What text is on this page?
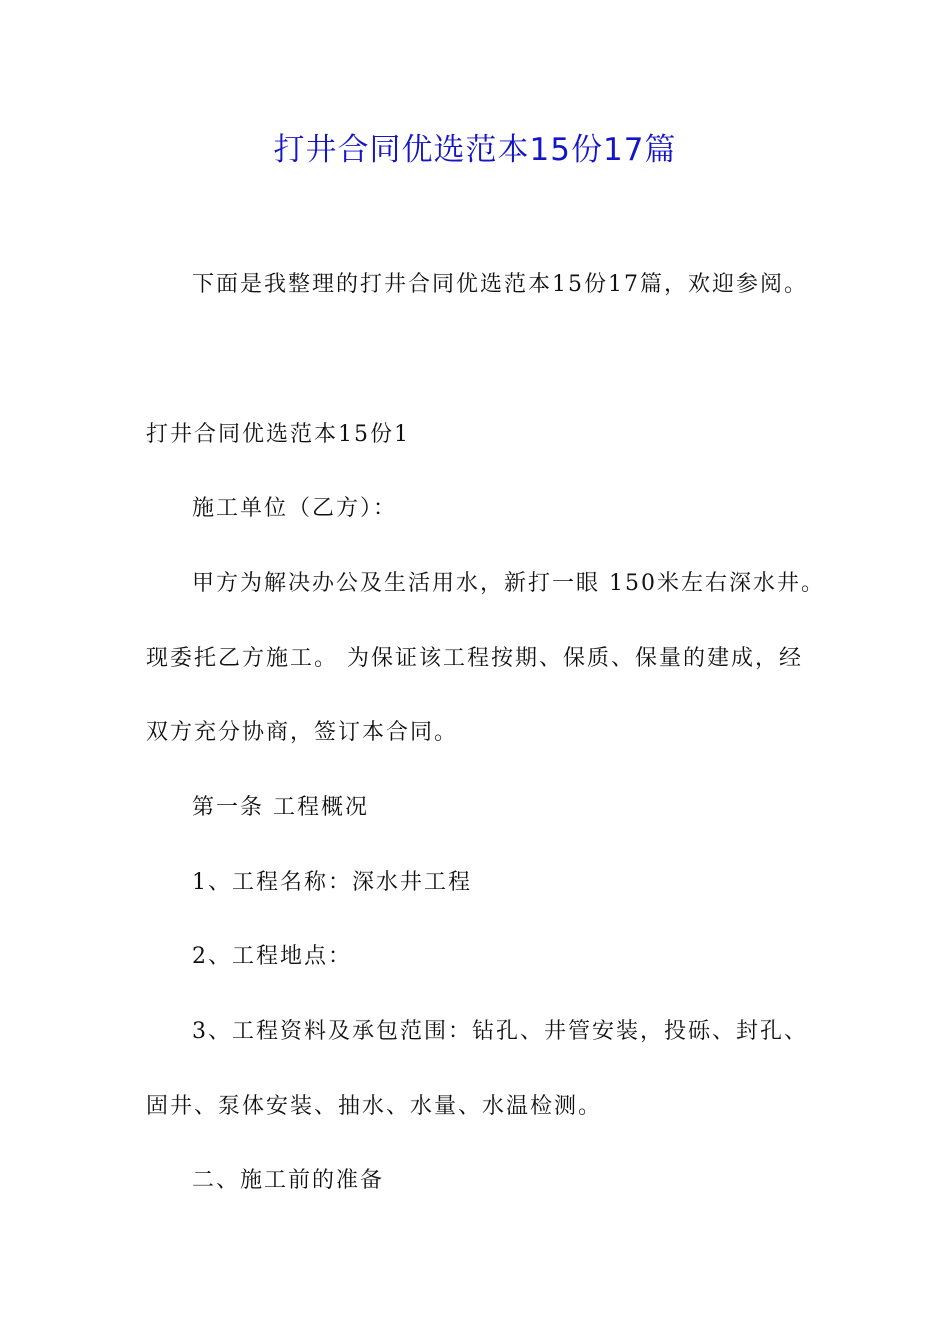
打井合同优选范本15份17篇
下面是我整理的打井合同优选范本15份17篇，欢迎参阅。
打井合同优选范本15份1
施工单位（乙方）：
甲方为解决办公及生活用水，新打一眼 150米左右深水井。
现委托乙方施工。 为保证该工程按期、保质、保量的建成，经
双方充分协商，签订本合同。
第一条 工程概况
1、工程名称：深水井工程
2、工程地点：
3、工程资料及承包范围：钻孔、井管安装，投砾、封孔、
固井、泵体安装、抽水、水量、水温检测。
二、施工前的准备
